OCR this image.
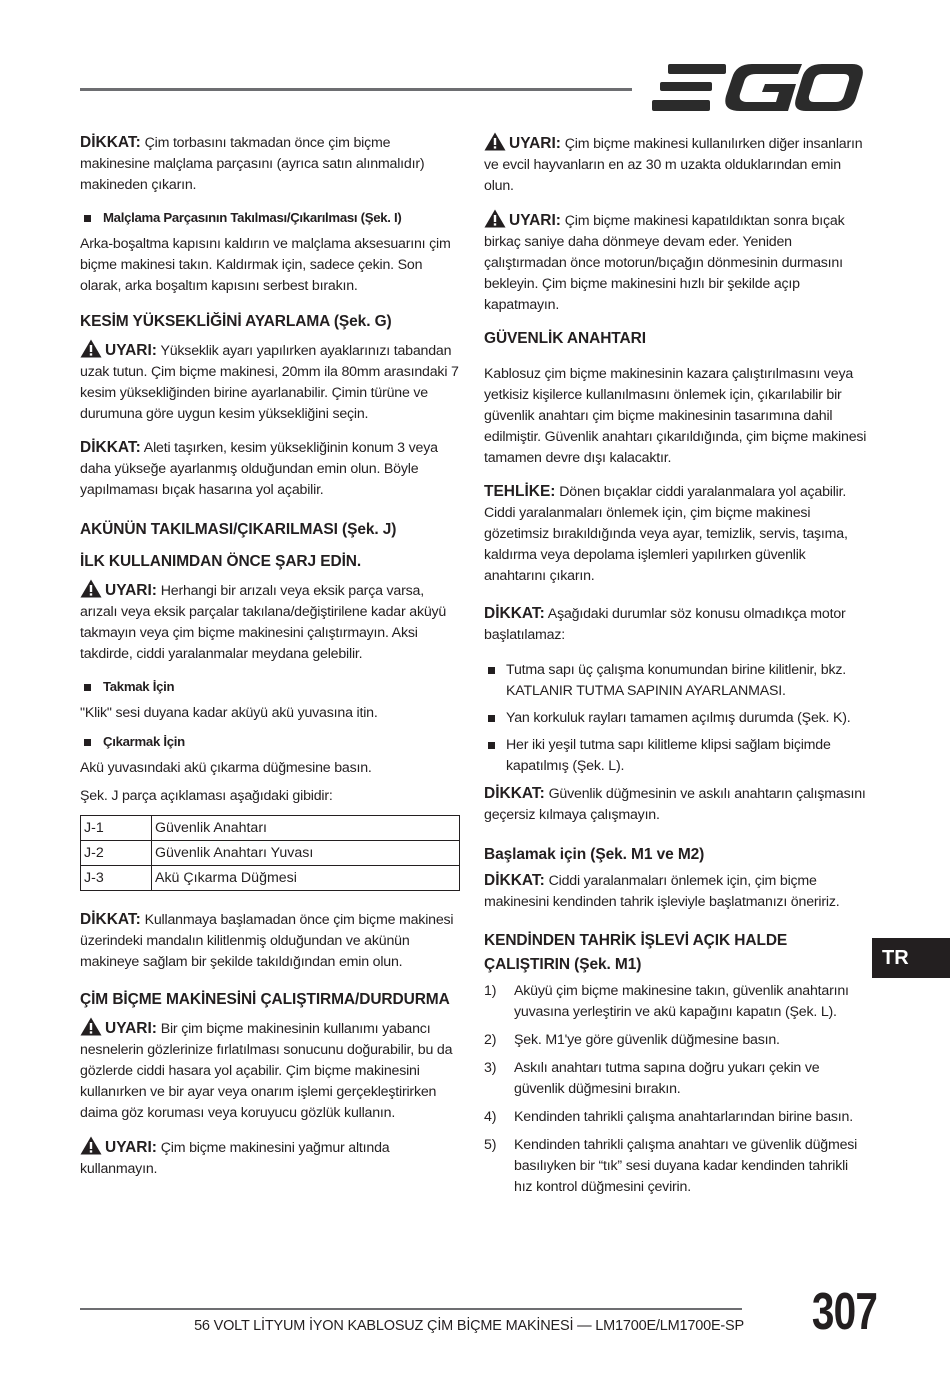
DİKKAT: Çim torbasını takmadan önce çim biçme makinesine malçlama parçasını (ayrıca satın alınmalıdır) makineden çıkarın.

Malçlama Parçasının Takılması/Çıkarılması (Şek. I)

Arka-boşaltma kapısını kaldırın ve malçlama aksesuarını çim biçme makinesi takın. Kaldırmak için, sadece çekin. Son olarak, arka boşaltım kapısını serbest bırakın.

KESİM YÜKSEKLİĞİNİ AYARLAMA (Şek. G)

UYARI: Yükseklik ayarı yapılırken ayaklarınızı tabandan uzak tutun. Çim biçme makinesi, 20mm ila 80mm arasındaki 7 kesim yüksekliğinden birine ayarlanabilir. Çimin türüne ve durumuna göre uygun kesim yüksekliğini seçin.

DİKKAT: Aleti taşırken, kesim yüksekliğinin konum 3 veya daha yükseğe ayarlanmış olduğundan emin olun. Böyle yapılmaması bıçak hasarına yol açabilir.

AKÜNÜN TAKILMASI/ÇIKARILMASI (Şek. J)
İLK KULLANIMDAN ÖNCE ŞARJ EDİN.

UYARI: Herhangi bir arızalı veya eksik parça varsa, arızalı veya eksik parçalar takılana/değiştirilene kadar aküyü takmayın veya çim biçme makinesini çalıştırmayın. Aksi takdirde, ciddi yaralanmalar meydana gelebilir.

Takmak İçin

"Klik" sesi duyana kadar aküyü akü yuvasına itin.

Çıkarmak İçin

Akü yuvasındaki akü çıkarma düğmesine basın.

Şek. J parça açıklaması aşağıdaki gibidir:

J-1	Güvenlik Anahtarı
J-2	Güvenlik Anahtarı Yuvası
J-3	Akü Çıkarma Düğmesi

DİKKAT: Kullanmaya başlamadan önce çim biçme makinesi üzerindeki mandalın kilitlenmiş olduğundan ve akünün makineye sağlam bir şekilde takıldığından emin olun.

ÇİM BİÇME MAKİNESİNİ ÇALIŞTIRMA/DURDURMA

UYARI: Bir çim biçme makinesinin kullanımı yabancı nesnelerin gözlerinize fırlatılması sonucunu doğurabilir, bu da gözlerde ciddi hasara yol açabilir. Çim biçme makinesini kullanırken ve bir ayar veya onarım işlemi gerçekleştirirken daima göz koruması veya koruyucu gözlük kullanın.

UYARI: Çim biçme makinesini yağmur altında kullanmayın.

UYARI: Çim biçme makinesi kullanılırken diğer insanların ve evcil hayvanların en az 30 m uzakta olduklarından emin olun.

UYARI: Çim biçme makinesi kapatıldıktan sonra bıçak birkaç saniye daha dönmeye devam eder. Yeniden çalıştırmadan önce motorun/bıçağın dönmesinin durmasını bekleyin. Çim biçme makinesini hızlı bir şekilde açıp kapatmayın.

GÜVENLİK ANAHTARI

Kablosuz çim biçme makinesinin kazara çalıştırılmasını veya yetkisiz kişilerce kullanılmasını önlemek için, çıkarılabilir bir güvenlik anahtarı çim biçme makinesinin tasarımına dahil edilmiştir. Güvenlik anahtarı çıkarıldığında, çim biçme makinesi tamamen devre dışı kalacaktır.

TEHLİKE: Dönen bıçaklar ciddi yaralanmalara yol açabilir. Ciddi yaralanmaları önlemek için, çim biçme makinesi gözetimsiz bırakıldığında veya ayar, temizlik, servis, taşıma, kaldırma veya depolama işlemleri yapılırken güvenlik anahtarını çıkarın.

DİKKAT: Aşağıdaki durumlar söz konusu olmadıkça motor başlatılamaz:

Tutma sapı üç çalışma konumundan birine kilitlenir, bkz. KATLANIR TUTMA SAPININ AYARLANMASI.
Yan korkuluk rayları tamamen açılmış durumda (Şek. K).
Her iki yeşil tutma sapı kilitleme klipsi sağlam biçimde kapatılmış (Şek. L).

DİKKAT: Güvenlik düğmesinin ve askılı anahtarın çalışmasını geçersiz kılmaya çalışmayın.

Başlamak için (Şek. M1 ve M2)

DİKKAT: Ciddi yaralanmaları önlemek için, çim biçme makinesini kendinden tahrik işleviyle başlatmanızı öneririz.

KENDİNDEN TAHRİK İŞLEVİ AÇIK HALDE ÇALIŞTIRIN (Şek. M1)
1)	Aküyü çim biçme makinesine takın, güvenlik anahtarını yuvasına yerleştirin ve akü kapağını kapatın (Şek. L).
2)	Şek. M1'ye göre güvenlik düğmesine basın.
3)	Askılı anahtarı tutma sapına doğru yukarı çekin ve güvenlik düğmesini bırakın.
4)	Kendinden tahrikli çalışma anahtarlarından birine basın.
5)	Kendinden tahrikli çalışma anahtarı ve güvenlik düğmesi basılıyken bir “tık” sesi duyana kadar kendinden tahrikli hız kontrol düğmesini çevirin.
TR
56 VOLT LİTYUM İYON KABLOSUZ ÇİM BİÇME MAKİNESİ — LM1700E/LM1700E-SP 307
